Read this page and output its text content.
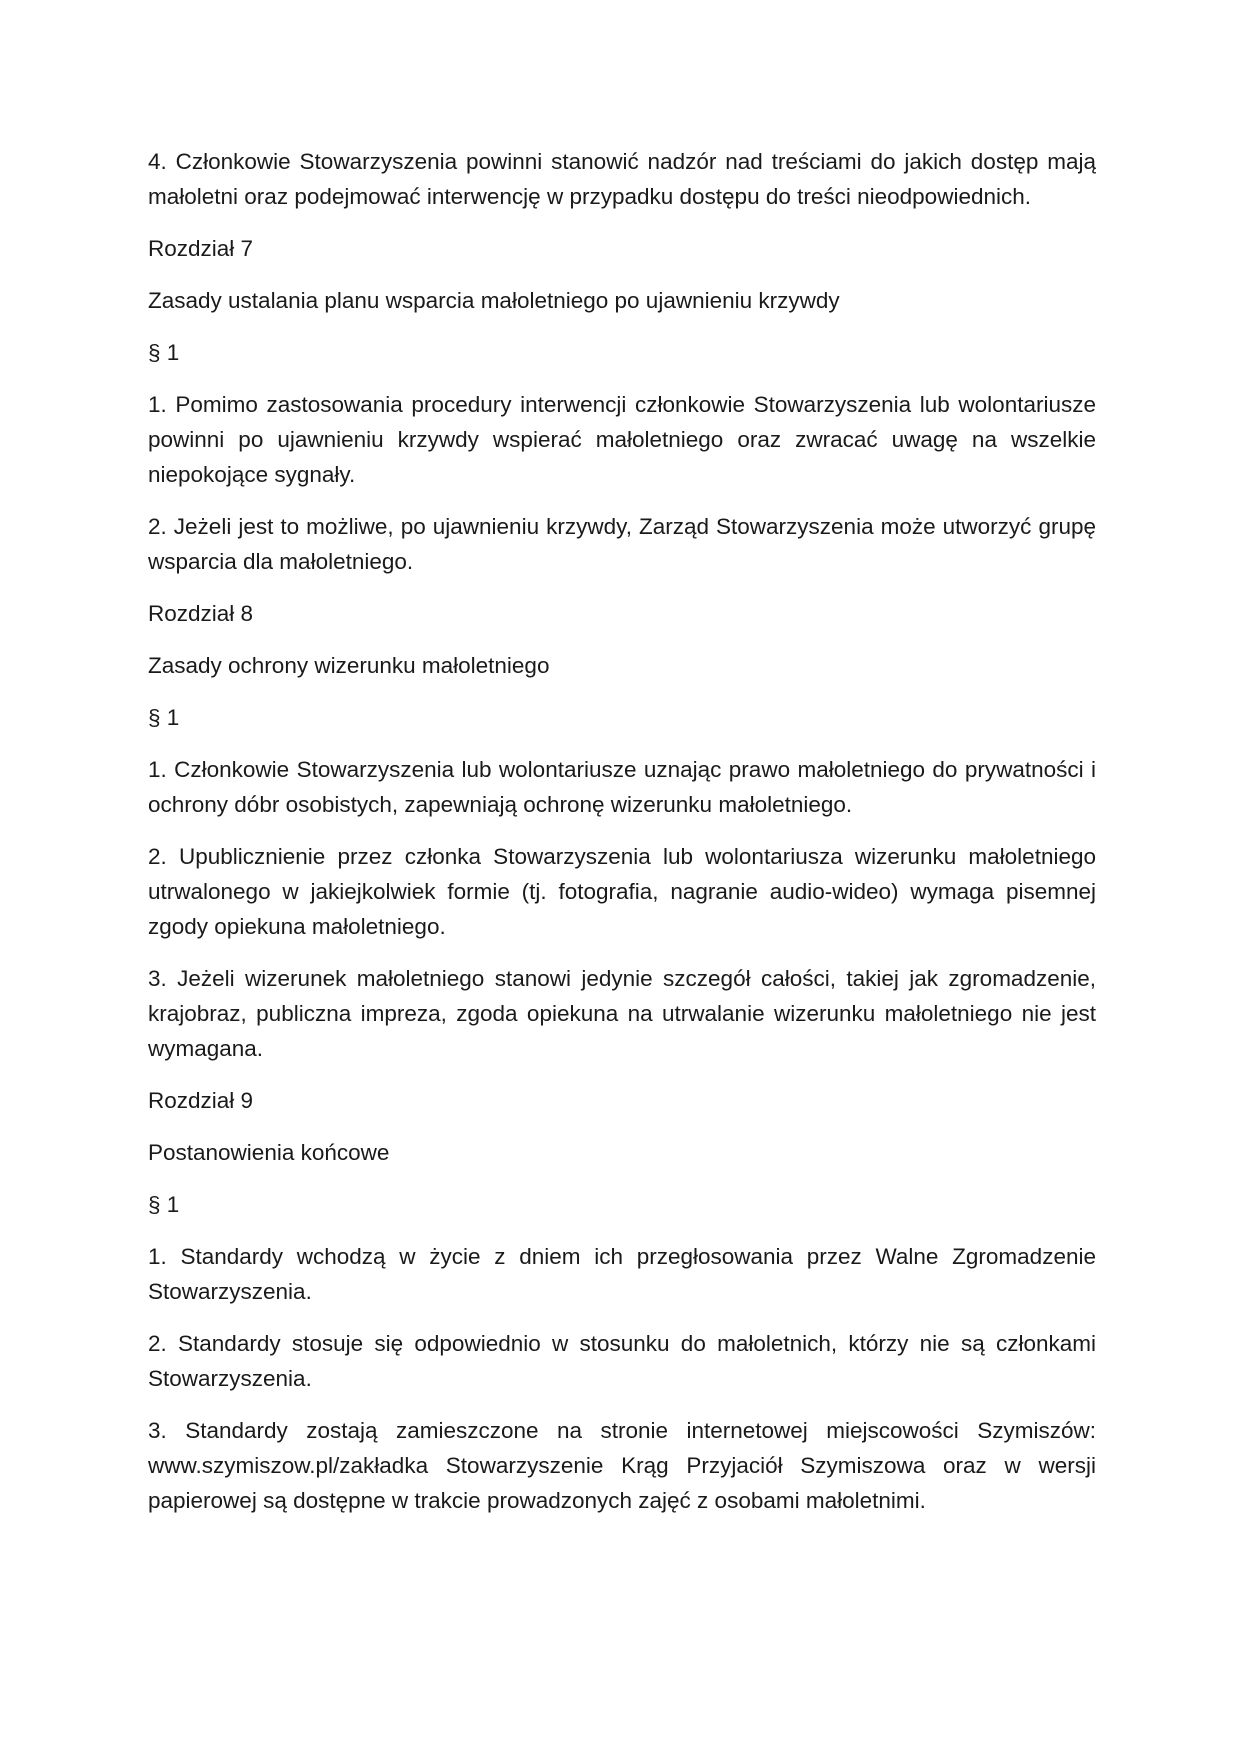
4. Członkowie Stowarzyszenia powinni stanowić nadzór nad treściami do jakich dostęp mają małoletni oraz podejmować interwencję w przypadku dostępu do treści nieodpowiednich.

Rozdział 7

Zasady ustalania planu wsparcia małoletniego po ujawnieniu krzywdy

§ 1

1. Pomimo zastosowania procedury interwencji członkowie Stowarzyszenia lub wolontariusze powinni po ujawnieniu krzywdy wspierać małoletniego oraz zwracać uwagę na wszelkie niepokojące sygnały.

2. Jeżeli jest to możliwe, po ujawnieniu krzywdy, Zarząd Stowarzyszenia może utworzyć grupę wsparcia dla małoletniego.

Rozdział 8

Zasady ochrony wizerunku małoletniego

§ 1

1. Członkowie Stowarzyszenia lub wolontariusze uznając prawo małoletniego do prywatności i ochrony dóbr osobistych, zapewniają ochronę wizerunku małoletniego.

2. Upublicznienie przez członka Stowarzyszenia lub wolontariusza wizerunku małoletniego utrwalonego w jakiejkolwiek formie (tj. fotografia, nagranie audio-wideo) wymaga pisemnej zgody opiekuna małoletniego.

3. Jeżeli wizerunek małoletniego stanowi jedynie szczegół całości, takiej jak zgromadzenie, krajobraz, publiczna impreza, zgoda opiekuna na utrwalanie wizerunku małoletniego nie jest wymagana.

Rozdział 9

Postanowienia końcowe

§ 1

1. Standardy wchodzą w życie z dniem ich przegłosowania przez Walne Zgromadzenie Stowarzyszenia.

2. Standardy stosuje się odpowiednio w stosunku do małoletnich, którzy nie są członkami Stowarzyszenia.

3. Standardy zostają zamieszczone na stronie internetowej miejscowości Szymiszów: www.szymiszow.pl/zakładka Stowarzyszenie Krąg Przyjaciół Szymiszowa oraz w wersji papierowej są dostępne w trakcie prowadzonych zajęć z osobami małoletnimi.
